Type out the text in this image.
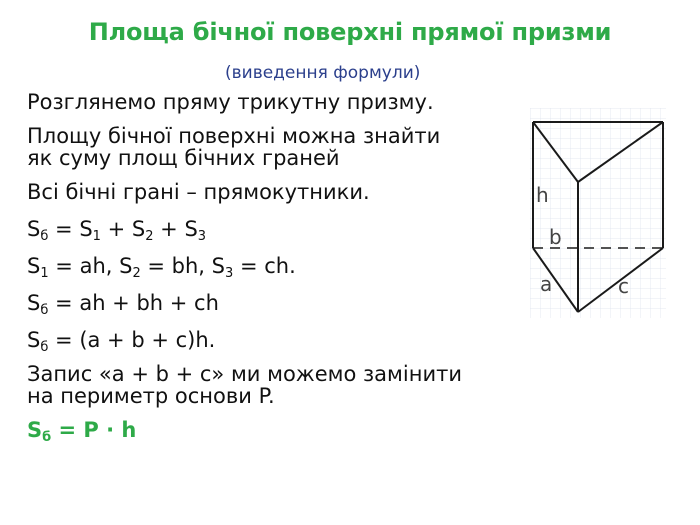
Площа бічної поверхні прямої призми
(виведення формули)
Розглянемо пряму трикутну призму.
Площу бічної поверхні можна знайти
як суму площ бічних граней
Всі бічні грані – прямокутники.
$S_б = S_1 + S_2 + S_3$
$S_1$ = ah, $S_2$ = bh, $S_3$ = ch.
$S_б$ = ah + bh + ch
$S_б = (a + b + c)h$.
Запис «a + b + c» ми можемо замінити
на периметр основи P.
$S_б = P \cdot h$
h
b
a	c
